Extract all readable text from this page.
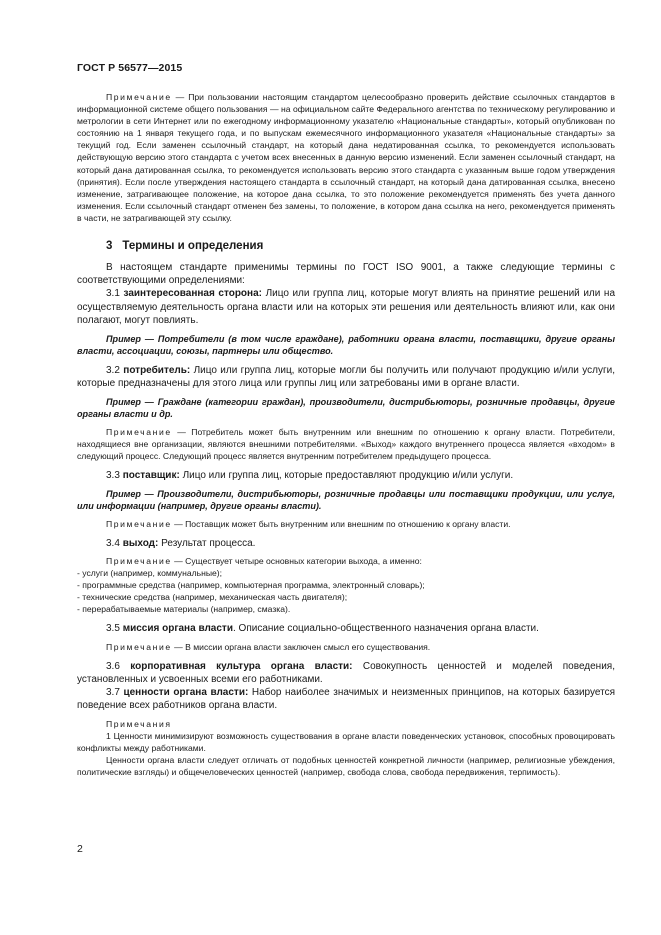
ГОСТ Р 56577—2015

Примечание — При пользовании настоящим стандартом целесообразно проверить действие ссылочных стандартов в информационной системе общего пользования — на официальном сайте Федерального агентства по техническому регулированию и метрологии в сети Интернет или по ежегодному информационному указателю «Национальные стандарты», который опубликован по состоянию на 1 января текущего года, и по выпускам ежемесячного информационного указателя «Национальные стандарты» за текущий год. Если заменен ссылочный стандарт, на который дана недатированная ссылка, то рекомендуется использовать действующую версию этого стандарта с учетом всех внесенных в данную версию изменений. Если заменен ссылочный стандарт, на который дана датированная ссылка, то рекомендуется использовать версию этого стандарта с указанным выше годом утверждения (принятия). Если после утверждения настоящего стандарта в ссылочный стандарт, на который дана датированная ссылка, внесено изменение, затрагивающее положение, на которое дана ссылка, то это положение рекомендуется применять без учета данного изменения. Если ссылочный стандарт отменен без замены, то положение, в котором дана ссылка на него, рекомендуется применять в части, не затрагивающей эту ссылку.

3 Термины и определения

В настоящем стандарте применимы термины по ГОСТ ISO 9001, а также следующие термины с соответствующими определениями:

3.1 заинтересованная сторона: Лицо или группа лиц, которые могут влиять на принятие решений или на осуществляемую деятельность органа власти или на которых эти решения или деятельность влияют или, как они полагают, могут повлиять.

Пример — Потребители (в том числе граждане), работники органа власти, поставщики, другие органы власти, ассоциации, союзы, партнеры или общество.

3.2 потребитель: Лицо или группа лиц, которые могли бы получить или получают продукцию и/или услуги, которые предназначены для этого лица или группы лиц или затребованы ими в органе власти.

Пример — Граждане (категории граждан), производители, дистрибьюторы, розничные продавцы, другие органы власти и др.

Примечание — Потребитель может быть внутренним или внешним по отношению к органу власти. Потребители, находящиеся вне организации, являются внешними потребителями. «Выход» каждого внутреннего процесса является «входом» в следующий процесс. Следующий процесс является внутренним потребителем предыдущего процесса.

3.3 поставщик: Лицо или группа лиц, которые предоставляют продукцию и/или услуги.

Пример — Производители, дистрибьюторы, розничные продавцы или поставщики продукции, или услуг, или информации (например, другие органы власти).

Примечание — Поставщик может быть внутренним или внешним по отношению к органу власти.

3.4 выход: Результат процесса.

Примечание — Существует четыре основных категории выхода, а именно:

- услуги (например, коммунальные);

- программные средства (например, компьютерная программа, электронный словарь);

- технические средства (например, механическая часть двигателя);

- перерабатываемые материалы (например, смазка).

3.5 миссия органа власти. Описание социально-общественного назначения органа власти.

Примечание — В миссии органа власти заключен смысл его существования.

3.6 корпоративная культура органа власти: Совокупность ценностей и моделей поведения, установленных и усвоенных всеми его работниками.

3.7 ценности органа власти: Набор наиболее значимых и неизменных принципов, на которых базируется поведение всех работников органа власти.

Примечания

1 Ценности минимизируют возможность существования в органе власти поведенческих установок, способных провоцировать конфликты между работниками.

Ценности органа власти следует отличать от подобных ценностей конкретной личности (например, религиозные убеждения, политические взгляды) и общечеловеческих ценностей (например, свобода слова, свобода передвижения, терпимость).

2
